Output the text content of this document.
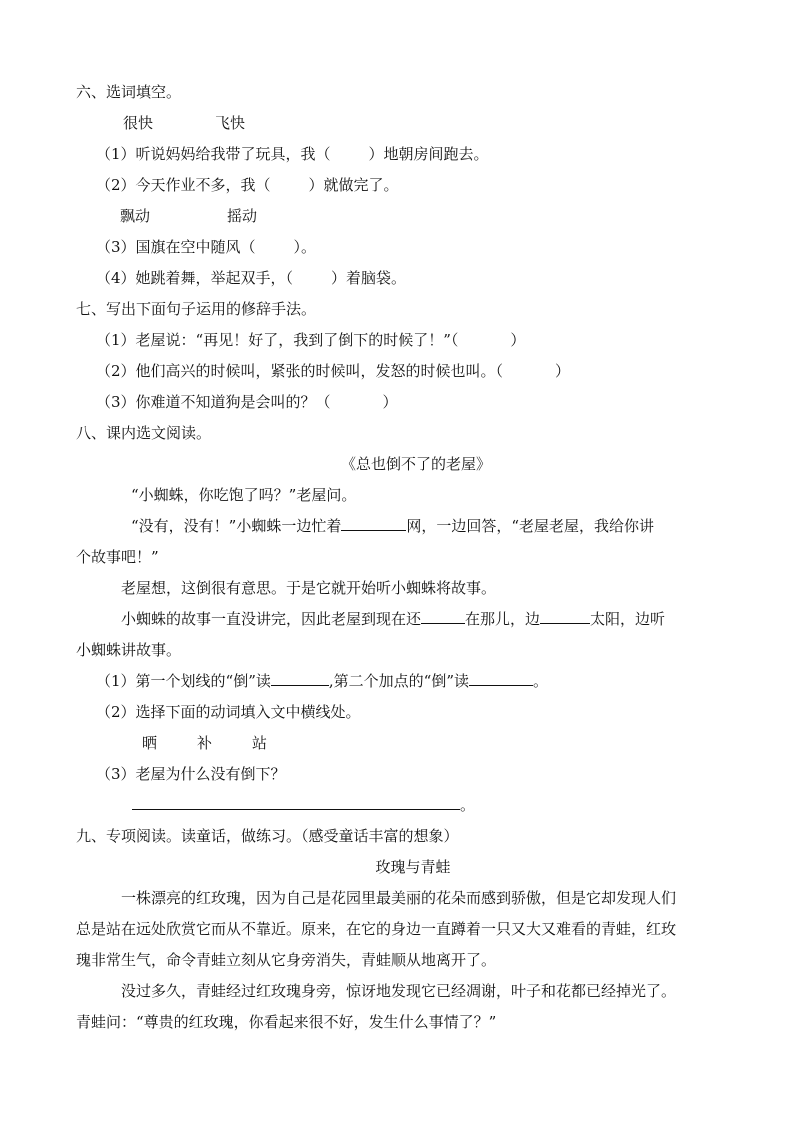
六、选词填空。
很快	飞快
（1）听说妈妈给我带了玩具，我（	）地朝房间跑去。
（2）今天作业不多，我（	）就做完了。
飘动	摇动
（3）国旗在空中随风（	）。
（4）她跳着舞，举起双手，（	）着脑袋。
七、写出下面句子运用的修辞手法。
（1）老屋说：“再见！好了，我到了倒下的时候了！”（	）
（2）他们高兴的时候叫，紧张的时候叫，发怒的时候也叫。（	）
（3）你难道不知道狗是会叫的？（	）
八、课内选文阅读。
《总也倒不了的老屋》
“小蜘蛛，你吃饱了吗？”老屋问。
“没有，没有！”小蜘蛛一边忙着	网，一边回答，“老屋老屋，我给你讲
个故事吧！”
老屋想，这倒很有意思。于是它就开始听小蜘蛛将故事。
小蜘蛛的故事一直没讲完，因此老屋到现在还	在那儿，边	太阳，边听
小蜘蛛讲故事。
（1）第一个划线的“倒”读	,第二个加点的“倒”读	。
（2）选择下面的动词填入文中横线处。
晒	补	站
（3）老屋为什么没有倒下？
。
九、专项阅读。读童话，做练习。（感受童话丰富的想象）
玫瑰与青蛙
一株漂亮的红玫瑰，因为自己是花园里最美丽的花朵而感到骄傲，但是它却发现人们
总是站在远处欣赏它而从不靠近。原来，在它的身边一直蹲着一只又大又难看的青蛙，红玫
瑰非常生气，命令青蛙立刻从它身旁消失，青蛙顺从地离开了。
没过多久，青蛙经过红玫瑰身旁，惊讶地发现它已经凋谢，叶子和花都已经掉光了。
青蛙问：“尊贵的红玫瑰，你看起来很不好，发生什么事情了？”
